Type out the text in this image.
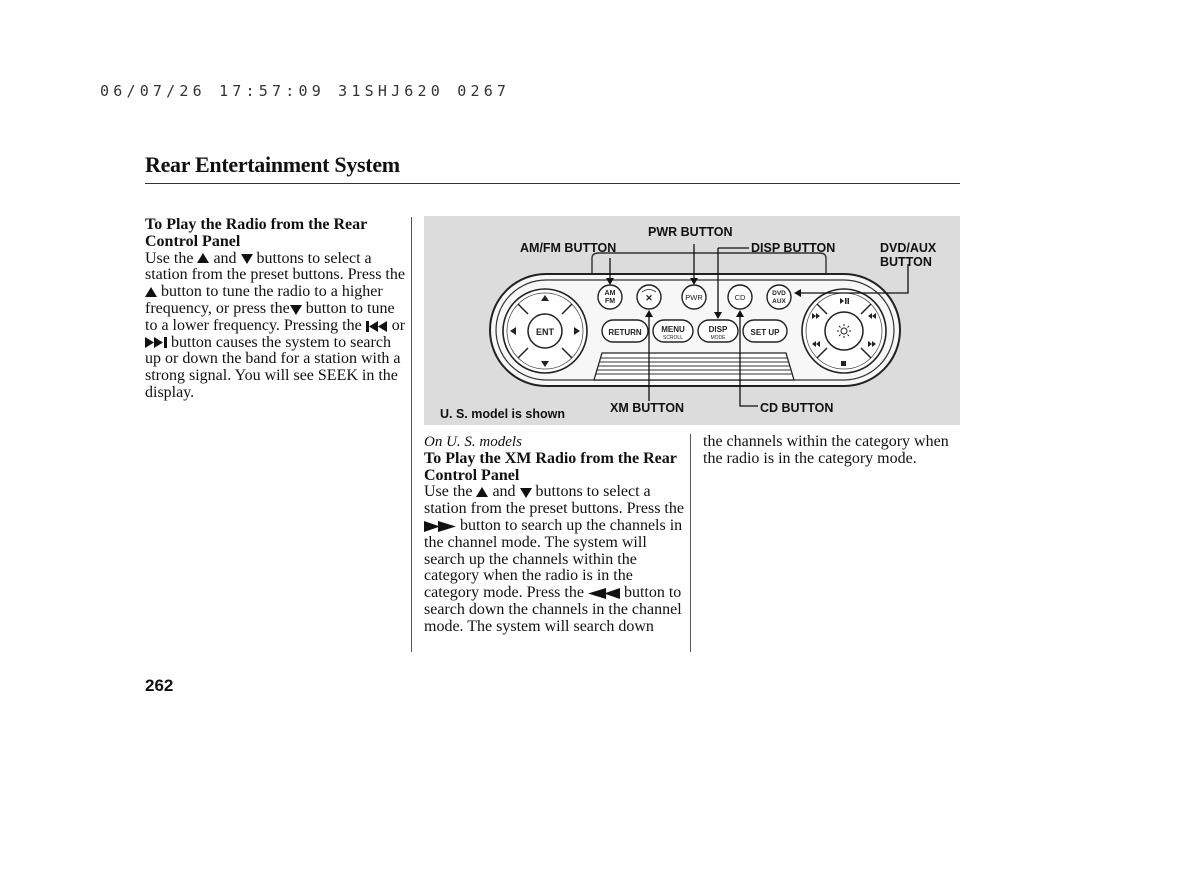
06/07/26 17:57:09 31SHJ620 0267
Rear Entertainment System
To Play the Radio from the Rear Control Panel
Use the and buttons to select a station from the preset buttons. Press the  button to tune the radio to a higher frequency, or press the button to tune to a lower frequency. Pressing the or  button causes the system to search up or down the band for a station with a strong signal. You will see SEEK in the display.
ENT
AM
FM	✕	PWR	CD	DVD
AUX
RETURN MENU
SCROLL
DISP
MODE
SET UP
PWR BUTTON
AM/FM BUTTON	DISP BUTTON	DVD/AUX
BUTTON
XM BUTTON	CD BUTTON
U. S. model is shown
On U. S. models
To Play the XM Radio from the Rear Control Panel
Use the and buttons to select a station from the preset buttons. Press the  button to search up the channels in the channel mode. The system will search up the channels within the category when the radio is in the category mode. Press the	button to search down the channels in the channel mode. The system will search down
the channels within the category when the radio is in the category mode.
262
